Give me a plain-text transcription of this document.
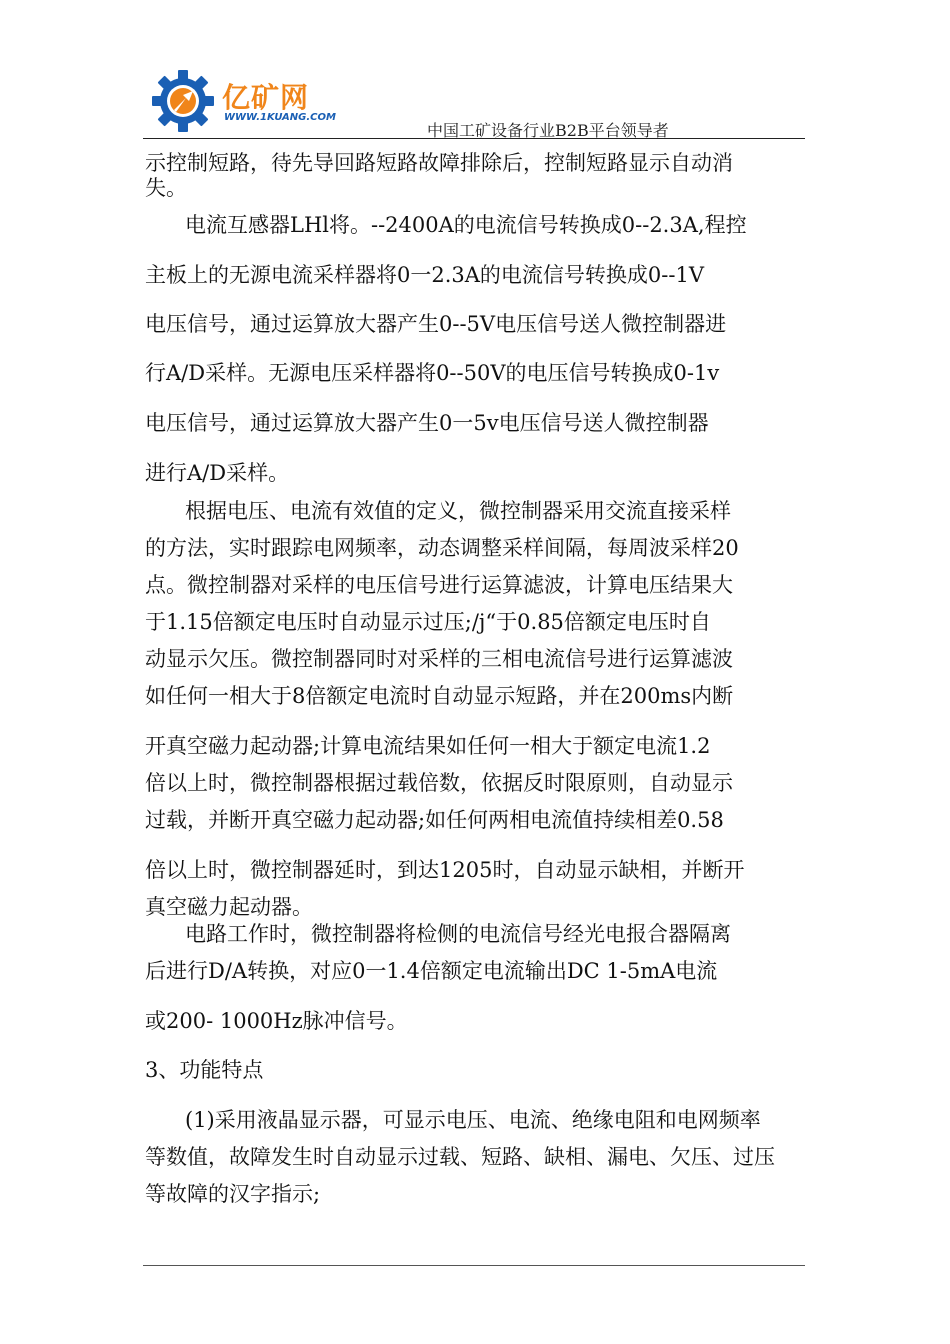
亿矿网
WWW.1KUANG.COM
中国工矿设备行业B2B平台领导者
示控制短路，待先导回路短路故障排除后，控制短路显示自动消
失。
电流互感器LHl将。--2400A的电流信号转换成0--2.3A,程控
主板上的无源电流采样器将0一2.3A的电流信号转换成0--1V
电压信号，通过运算放大器产生0--5V电压信号送人微控制器进
行A/D采样。无源电压采样器将0--50V的电压信号转换成0-1v
电压信号，通过运算放大器产生0一5v电压信号送人微控制器
进行A/D采样。
根据电压、电流有效值的定义，微控制器采用交流直接采样
的方法，实时跟踪电网频率，动态调整采样间隔，每周波采样20
点。微控制器对采样的电压信号进行运算滤波，计算电压结果大
于1.15倍额定电压时自动显示过压;/j“于0.85倍额定电压时自
动显示欠压。微控制器同时对采样的三相电流信号进行运算滤波
如任何一相大于8倍额定电流时自动显示短路，并在200ms内断
开真空磁力起动器;计算电流结果如任何一相大于额定电流1.2
倍以上时，微控制器根据过载倍数，依据反时限原则，自动显示
过载，并断开真空磁力起动器;如任何两相电流值持续相差0.58
倍以上时，微控制器延时，到达1205时，自动显示缺相，并断开
真空磁力起动器。
电路工作时，微控制器将检侧的电流信号经光电报合器隔离
后进行D/A转换，对应0一1.4倍额定电流输出DC 1-5mA电流
或200- 1000Hz脉冲信号。
3、功能特点
(1)采用液晶显示器，可显示电压、电流、绝缘电阻和电网频率
等数值，故障发生时自动显示过载、短路、缺相、漏电、欠压、过压
等故障的汉字指示;
